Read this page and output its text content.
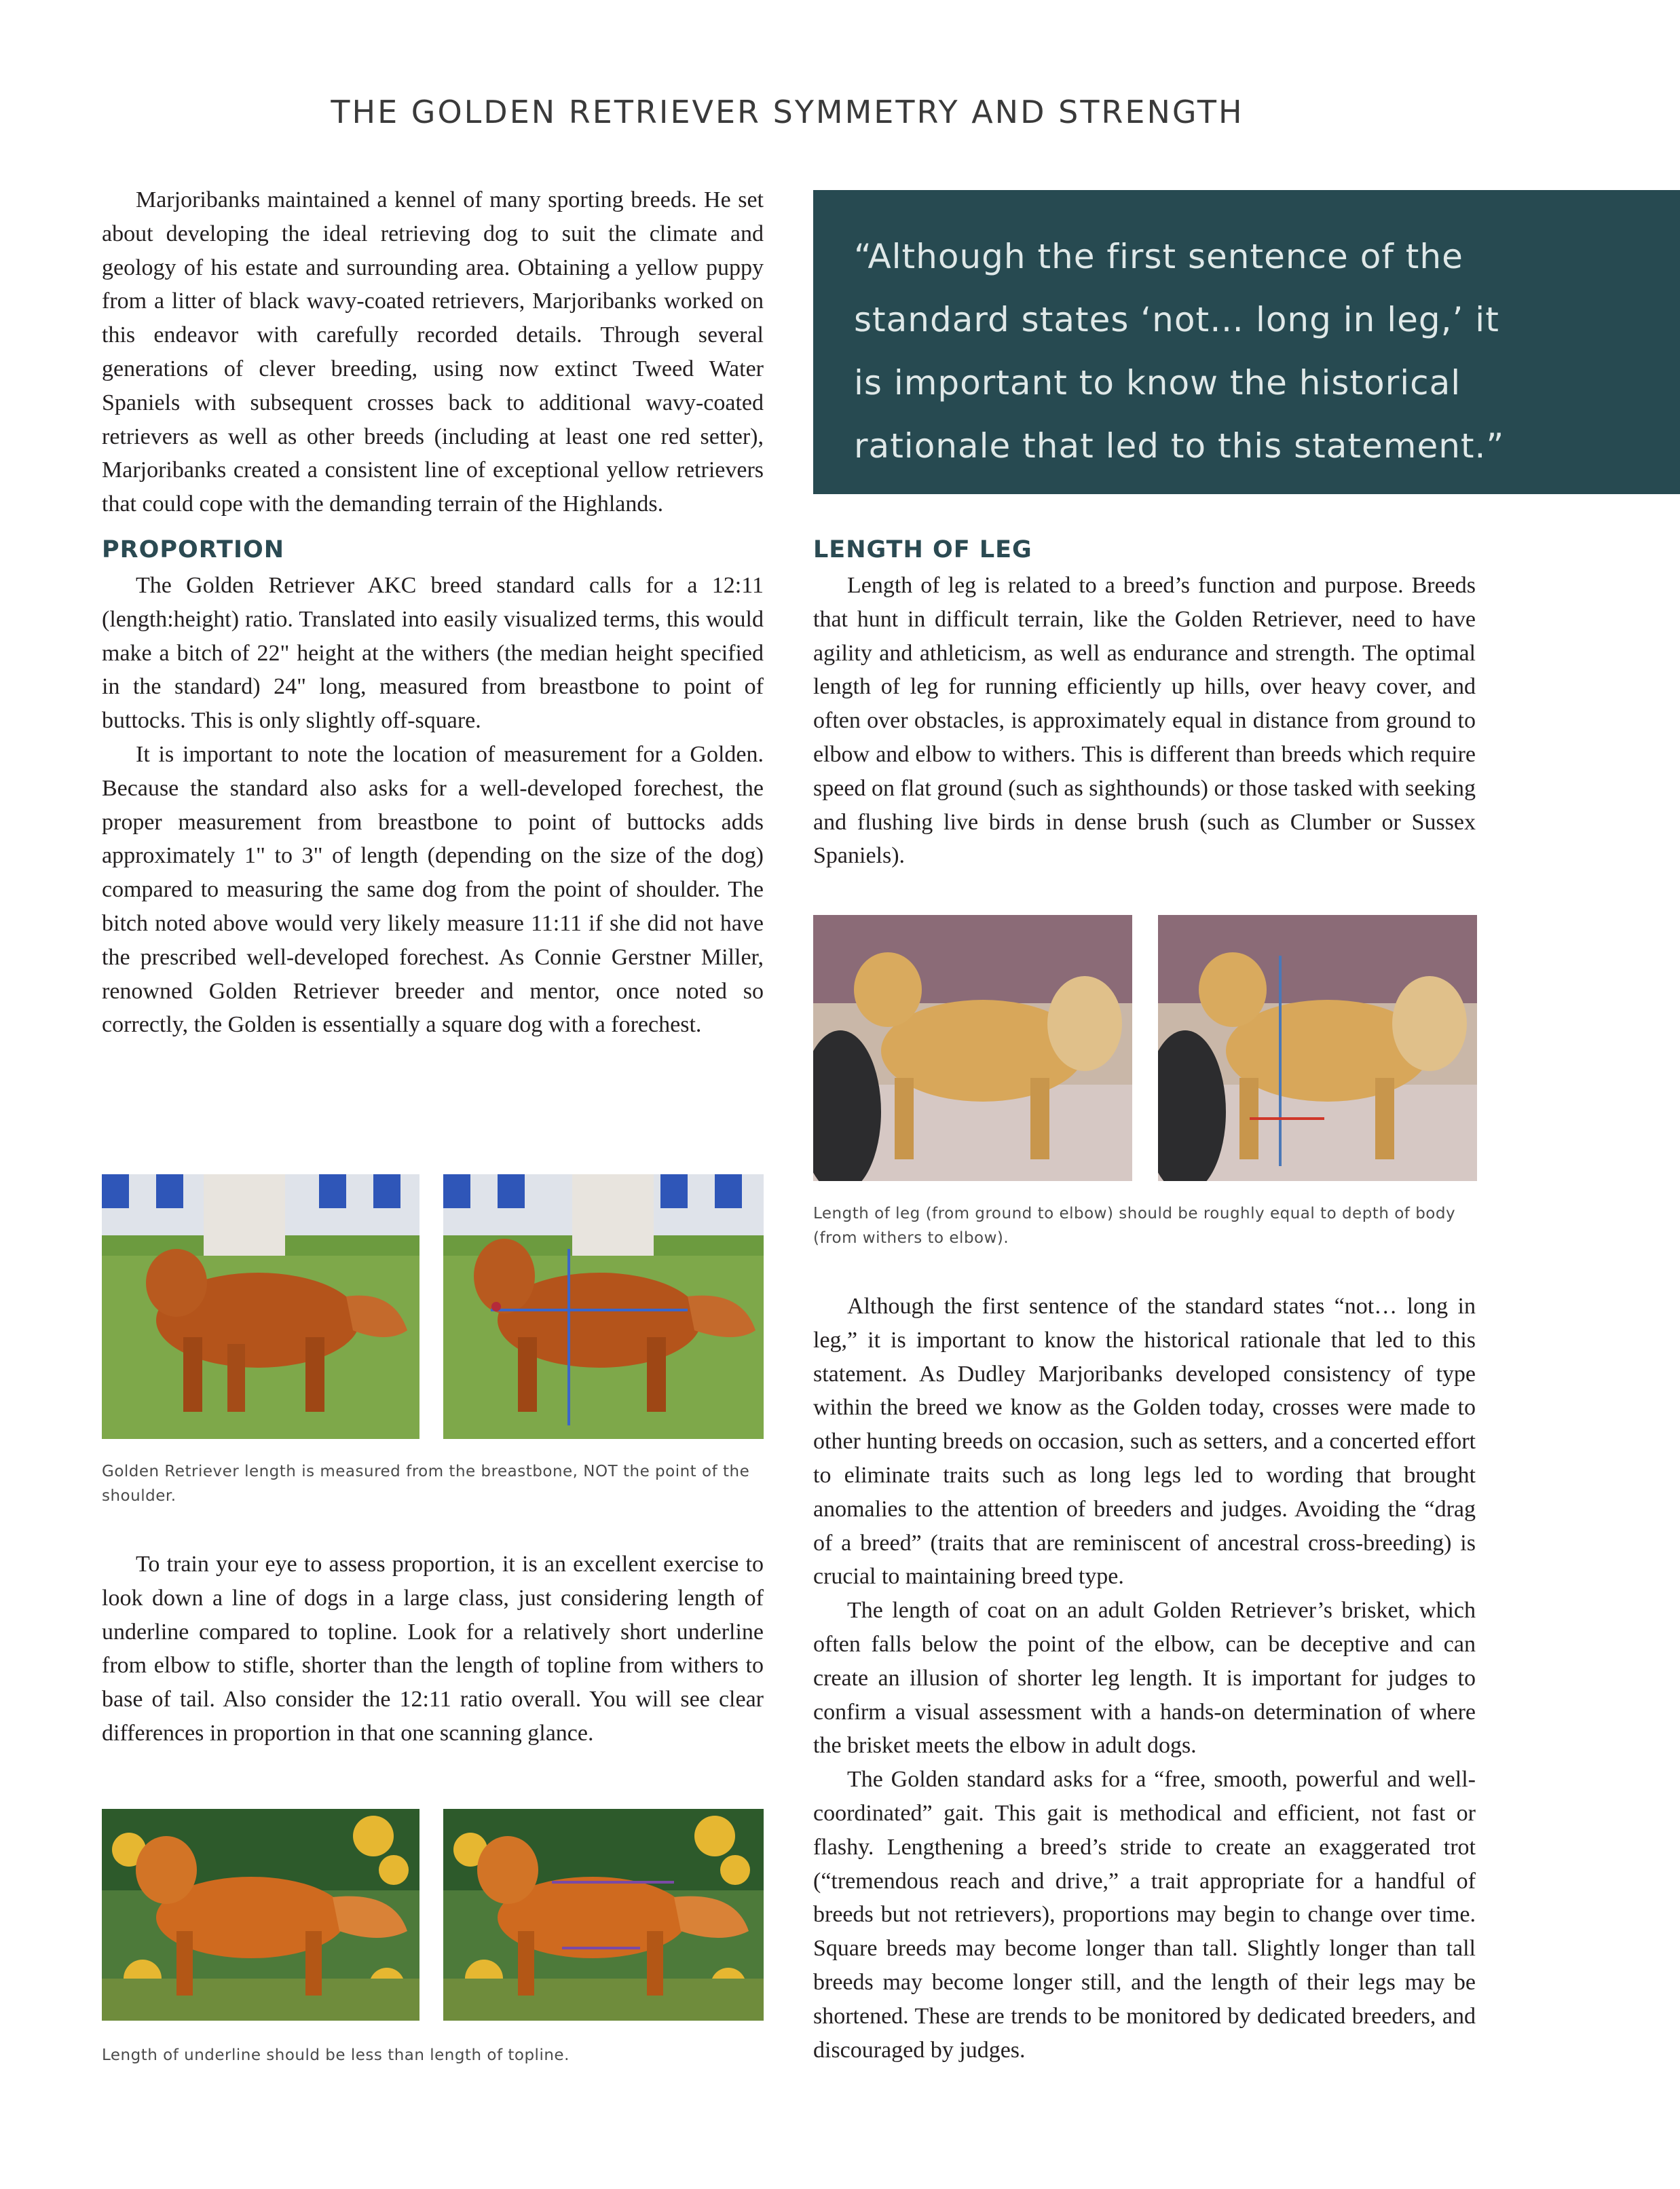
THE GOLDEN RETRIEVER SYMMETRY AND STRENGTH

Marjoribanks maintained a kennel of many sporting breeds. He set about developing the ideal retrieving dog to suit the climate and geology of his estate and surrounding area. Obtaining a yellow puppy from a litter of black wavy-coated retrievers, Marjoribanks worked on this endeavor with carefully recorded details. Through several generations of clever breeding, using now extinct Tweed Water Spaniels with subsequent crosses back to additional wavy-coated retrievers as well as other breeds (including at least one red setter), Marjoribanks created a consistent line of exceptional yellow retrievers that could cope with the demanding terrain of the Highlands.

PROPORTION

The Golden Retriever AKC breed standard calls for a 12:11 (length:height) ratio. Translated into easily visualized terms, this would make a bitch of 22" height at the withers (the median height specified in the standard) 24" long, measured from breastbone to point of buttocks. This is only slightly off-square.

It is important to note the location of measurement for a Golden. Because the standard also asks for a well-developed forechest, the proper measurement from breastbone to point of buttocks adds approximately 1" to 3" of length (depending on the size of the dog) compared to measuring the same dog from the point of shoulder. The bitch noted above would very likely measure 11:11 if she did not have the prescribed well-developed forechest. As Connie Gerstner Miller, renowned Golden Retriever breeder and mentor, once noted so correctly, the Golden is essentially a square dog with a forechest.

Golden Retriever length is measured from the breastbone, NOT the point of the shoulder.

To train your eye to assess proportion, it is an excellent exercise to look down a line of dogs in a large class, just considering length of underline compared to topline. Look for a relatively short underline from elbow to stifle, shorter than the length of topline from withers to base of tail. Also consider the 12:11 ratio overall. You will see clear differences in proportion in that one scanning glance.

Length of underline should be less than length of topline.

“Although the first sentence of the

standard states ‘not… long in leg,’ it

is important to know the historical

rationale that led to this statement.”

LENGTH OF LEG

Length of leg is related to a breed’s function and purpose. Breeds that hunt in difficult terrain, like the Golden Retriever, need to have agility and athleticism, as well as endurance and strength. The optimal length of leg for running efficiently up hills, over heavy cover, and often over obstacles, is approximately equal in distance from ground to elbow and elbow to withers. This is different than breeds which require speed on flat ground (such as sighthounds) or those tasked with seeking and flushing live birds in dense brush (such as Clumber or Sussex Spaniels).

Length of leg (from ground to elbow) should be roughly equal to depth of body (from withers to elbow).

Although the first sentence of the standard states “not… long in leg,” it is important to know the historical rationale that led to this statement. As Dudley Marjoribanks developed consistency of type within the breed we know as the Golden today, crosses were made to other hunting breeds on occasion, such as setters, and a concerted effort to eliminate traits such as long legs led to wording that brought anomalies to the attention of breeders and judges. Avoiding the “drag of a breed” (traits that are reminiscent of ancestral cross-breeding) is crucial to maintaining breed type.

The length of coat on an adult Golden Retriever’s brisket, which often falls below the point of the elbow, can be deceptive and can create an illusion of shorter leg length. It is important for judges to confirm a visual assessment with a hands-on determination of where the brisket meets the elbow in adult dogs.

The Golden standard asks for a “free, smooth, powerful and well-coordinated” gait. This gait is methodical and efficient, not fast or flashy. Lengthening a breed’s stride to create an exaggerated trot (“tremendous reach and drive,” a trait appropriate for a handful of breeds but not retrievers), proportions may begin to change over time. Square breeds may become longer than tall. Slightly longer than tall breeds may become longer still, and the length of their legs may be shortened. These are trends to be monitored by dedicated breeders, and discouraged by judges.
